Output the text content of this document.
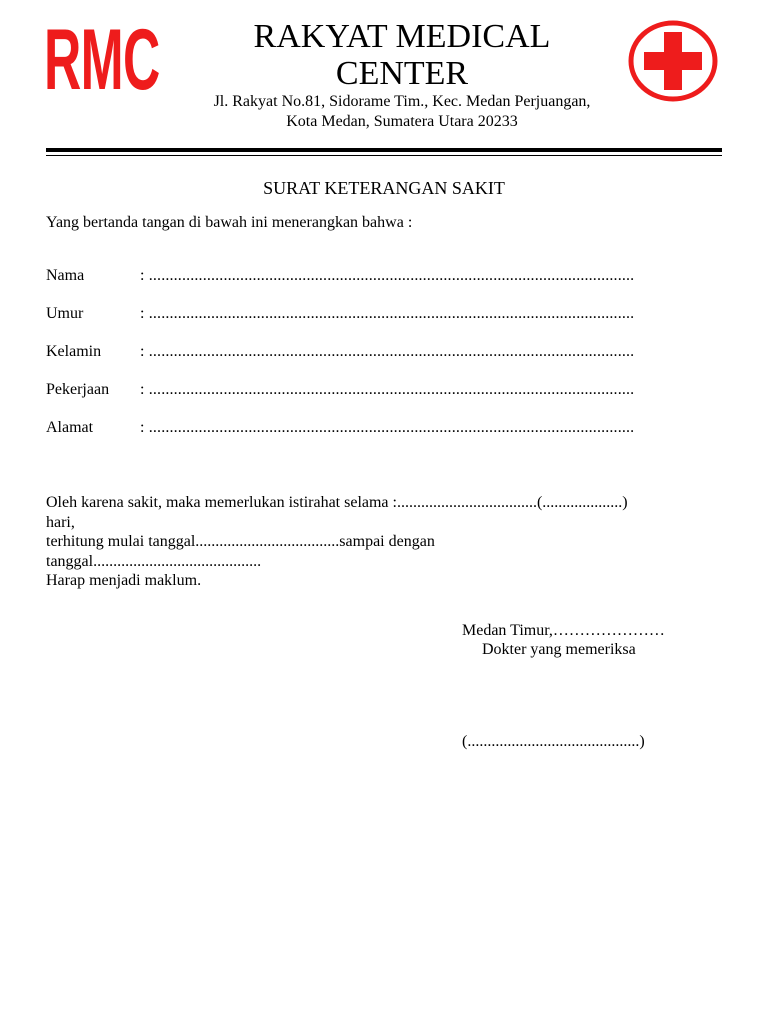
RMC	RAKYAT MEDICAL
CENTER
Jl. Rakyat No.81, Sidorame Tim., Kec. Medan Perjuangan,
Kota Medan, Sumatera Utara 20233
SURAT KETERANGAN SAKIT
Yang bertanda tangan di bawah ini menerangkan bahwa :
Nama	: .....................................................................................................................
Umur	: .....................................................................................................................
Kelamin : .....................................................................................................................
Pekerjaan : .....................................................................................................................
Alamat	: .....................................................................................................................
Oleh karena sakit, maka memerlukan istirahat selama :...................................(....................)
hari,
terhitung mulai tanggal....................................sampai dengan
tanggal..........................................
Harap menjadi maklum.
Medan Timur,…………………
Dokter yang memeriksa
(...........................................)
